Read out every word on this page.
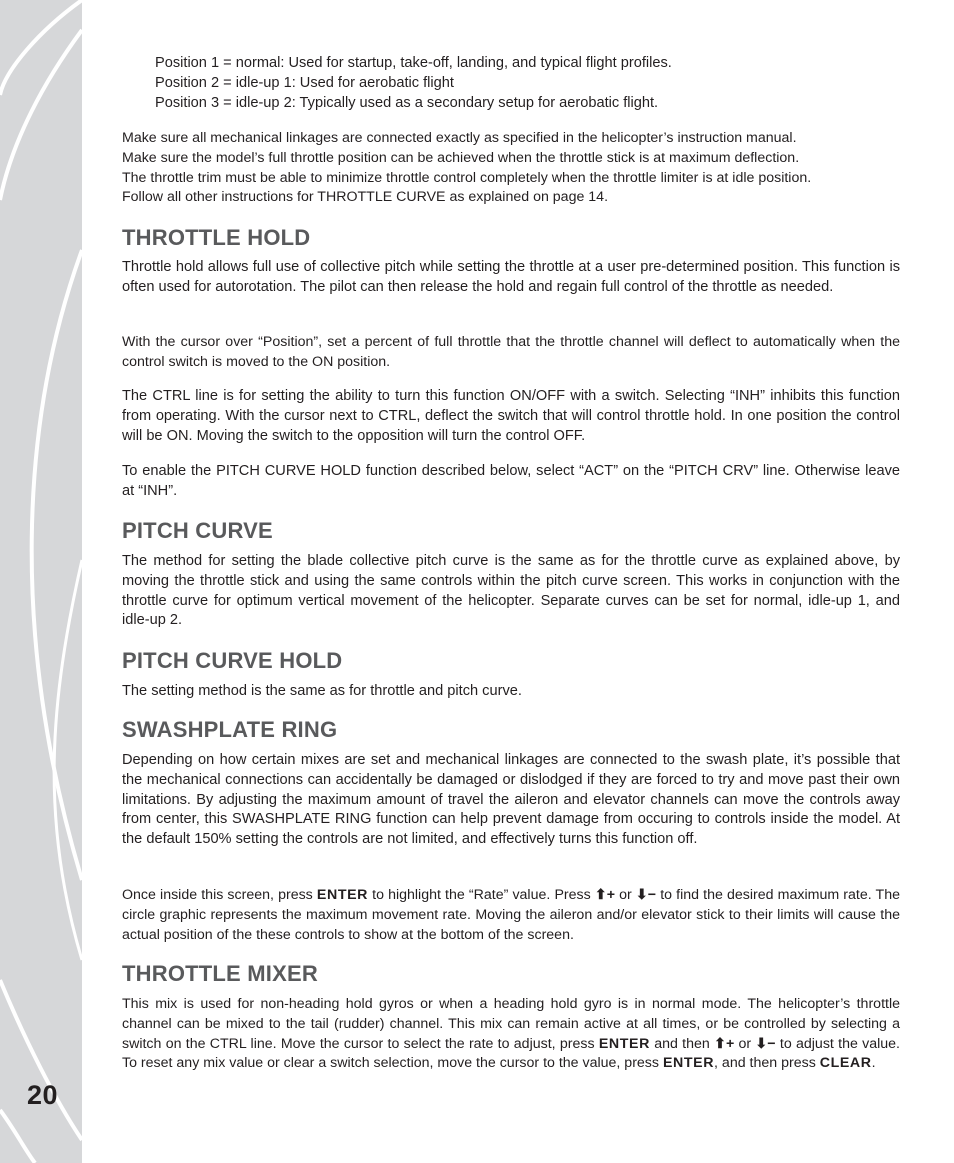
20
Position 1 = normal: Used for startup, take-off, landing, and typical flight profiles.
Position 2 = idle-up 1: Used for aerobatic flight
Position 3 = idle-up 2: Typically used as a secondary setup for aerobatic flight.
Make sure all mechanical linkages are connected exactly as specified in the helicopter’s instruction manual.
Make sure the model’s full throttle position can be achieved when the throttle stick is at maximum deflection.
The throttle trim must be able to minimize throttle control completely when the throttle limiter is at idle position.
Follow all other instructions for THROTTLE CURVE as explained on page 14.
THROTTLE HOLD
Throttle hold allows full use of collective pitch while setting the throttle at a user pre-determined position. This function is often used for autorotation. The pilot can then release the hold and regain full control of the throttle as needed.
With the cursor over “Position”, set a percent of full throttle that the throttle channel will deflect to automatically when the control switch is moved to the ON position.
The CTRL line is for setting the ability to turn this function ON/OFF with a switch. Selecting “INH” inhibits this function from operating. With the cursor next to CTRL, deflect the switch that will control throttle hold. In one position the control will be ON. Moving the switch to the opposition will turn the control OFF.
To enable the PITCH CURVE HOLD function described below, select “ACT” on the “PITCH CRV” line. Otherwise leave at “INH”.
PITCH CURVE
The method for setting the blade collective pitch curve is the same as for the throttle curve as explained above, by moving the throttle stick and using the same controls within the pitch curve screen. This works in conjunction with the throttle curve for optimum vertical movement of the helicopter. Separate curves can be set for normal, idle-up 1, and idle-up 2.
PITCH CURVE HOLD
The setting method is the same as for throttle and pitch curve.
SWASHPLATE RING
Depending on how certain mixes are set and mechanical linkages are connected to the swash plate, it’s possible that the mechanical connections can accidentally be damaged or dislodged if they are forced to try and move past their own limitations. By adjusting the maximum amount of travel the aileron and elevator channels can move the controls away from center, this SWASHPLATE RING function can help prevent damage from occuring to controls inside the model. At the default 150% setting the controls are not limited, and effectively turns this function off.
Once inside this screen, press ENTER to highlight the “Rate” value. Press ⬆+ or ⬇− to find the desired maximum rate. The circle graphic represents the maximum movement rate. Moving the aileron and/or elevator stick to their limits will cause the actual position of the these controls to show at the bottom of the screen.
THROTTLE MIXER
This mix is used for non-heading hold gyros or when a heading hold gyro is in normal mode. The helicopter’s throttle channel can be mixed to the tail (rudder) channel. This mix can remain active at all times, or be controlled by selecting a switch on the CTRL line. Move the cursor to select the rate to adjust, press ENTER and then ⬆+ or ⬇− to adjust the value. To reset any mix value or clear a switch selection, move the cursor to the value, press ENTER, and then press CLEAR.
